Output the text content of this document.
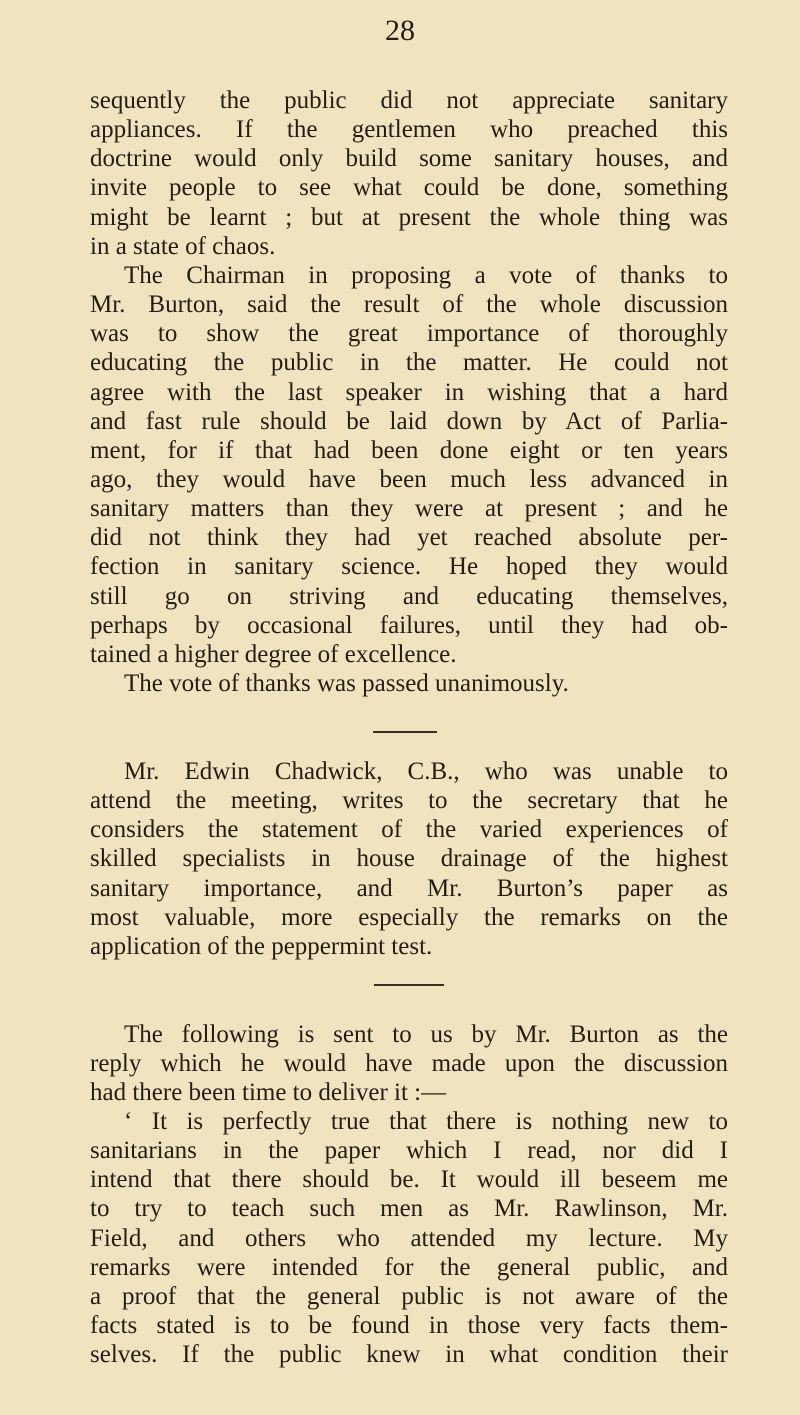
28
sequently the public did not appreciate sanitary
appliances. If the gentlemen who preached this
doctrine would only build some sanitary houses, and
invite people to see what could be done, something
might be learnt ; but at present the whole thing was
in a state of chaos.
The Chairman in proposing a vote of thanks to
Mr. Burton, said the result of the whole discussion
was to show the great importance of thoroughly
educating the public in the matter. He could not
agree with the last speaker in wishing that a hard
and fast rule should be laid down by Act of Parlia-
ment, for if that had been done eight or ten years
ago, they would have been much less advanced in
sanitary matters than they were at present ; and he
did not think they had yet reached absolute per-
fection in sanitary science. He hoped they would
still go on striving and educating themselves,
perhaps by occasional failures, until they had ob-
tained a higher degree of excellence.
The vote of thanks was passed unanimously.
Mr. Edwin Chadwick, C.B., who was unable to
attend the meeting, writes to the secretary that he
considers the statement of the varied experiences of
skilled specialists in house drainage of the highest
sanitary importance, and Mr. Burton’s paper as
most valuable, more especially the remarks on the
application of the peppermint test.
The following is sent to us by Mr. Burton as the
reply which he would have made upon the discussion
had there been time to deliver it :—
‘ It is perfectly true that there is nothing new to
sanitarians in the paper which I read, nor did I
intend that there should be. It would ill beseem me
to try to teach such men as Mr. Rawlinson, Mr.
Field, and others who attended my lecture. My
remarks were intended for the general public, and
a proof that the general public is not aware of the
facts stated is to be found in those very facts them-
selves. If the public knew in what condition their
